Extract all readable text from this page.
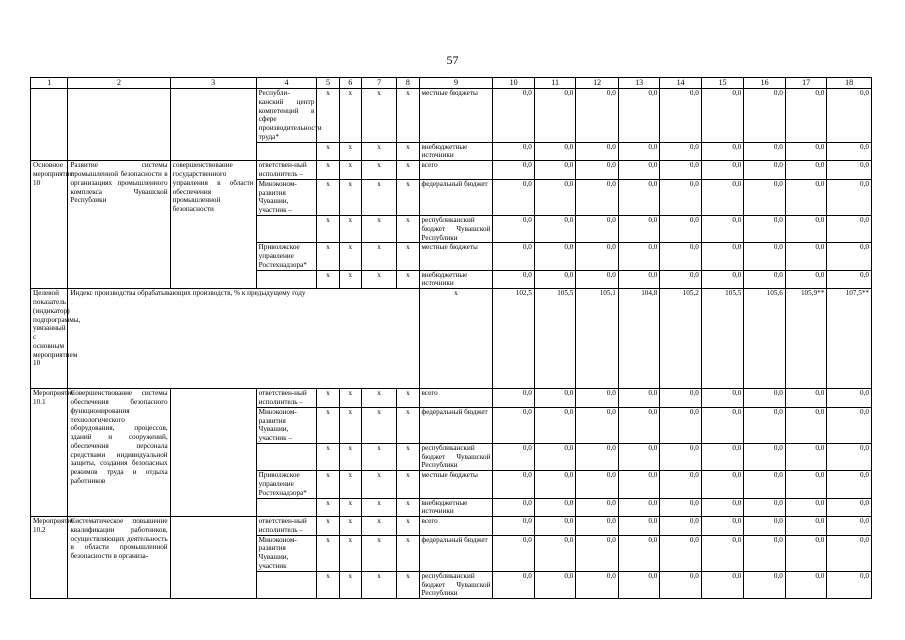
57
1	2	3	4	5	6	7	8	9	10	11	12	13	14	15	16	17	18
			Республи-канский центр компетенций в сфере производительности труда*	x	x	x	x	местные бюджеты	0,0	0,0	0,0	0,0	0,0	0,0	0,0	0,0	0,0
				x	x	x	x	внебюджетные источники	0,0	0,0	0,0	0,0	0,0	0,0	0,0	0,0	0,0
Основное мероприятие 10	Развитие системы промышленной безопасности в организациях промышленного комплекса Чувашской Республики	совершенствование государственного управления в области обеспечения промышленной безопасности	ответствен-ный исполнитель –	x	x	x	x	всего	0,0	0,0	0,0	0,0	0,0	0,0	0,0	0,0	0,0
			Минэконом-развития Чувашии, участник –	x	x	x	x	федеральный бюджет	0,0	0,0	0,0	0,0	0,0	0,0	0,0	0,0	0,0
				x	x	x	x	республиканский бюджет Чувашской Республики	0,0	0,0	0,0	0,0	0,0	0,0	0,0	0,0	0,0
			Приволжское управление Ростехнадзора*	x	x	x	x	местные бюджеты	0,0	0,0	0,0	0,0	0,0	0,0	0,0	0,0	0,0
				x	x	x	x	внебюджетные источники	0,0	0,0	0,0	0,0	0,0	0,0	0,0	0,0	0,0
Целевой показатель (индикатор) подпрограммы, увязанный с основным мероприятием 10	Индекс производства обрабатывающих производств, % к предыдущему году							x	102,5	105,5	105,1	104,8	105,2	105,5	105,6	105,9**	107,5**
Мероприятие 10.1	Совершенствование системы обеспечения безопасного функционирования технологического оборудования, процессов, зданий и сооружений, обеспечения персонала средствами индивидуальной защиты, создания безопасных режимов труда и отдыха работников		ответствен-ный исполнитель –	x	x	x	x	всего	0,0	0,0	0,0	0,0	0,0	0,0	0,0	0,0	0,0
			Минэконом-развития Чувашии, участник –	x	x	x	x	федеральный бюджет	0,0	0,0	0,0	0,0	0,0	0,0	0,0	0,0	0,0
				x	x	x	x	республиканский бюджет Чувашской Республики	0,0	0,0	0,0	0,0	0,0	0,0	0,0	0,0	0,0
			Приволжское управление Ростехнадзора*	x	x	x	x	местные бюджеты	0,0	0,0	0,0	0,0	0,0	0,0	0,0	0,0	0,0
				x	x	x	x	внебюджетные источники	0,0	0,0	0,0	0,0	0,0	0,0	0,0	0,0	0,0
Мероприятие 10.2	Систематическое повышение квалификации работников, осуществляющих деятельность в области промышленной безопасности в организа-		ответствен-ный исполнитель –	x	x	x	x	всего	0,0	0,0	0,0	0,0	0,0	0,0	0,0	0,0	0,0
			Минэконом-развития Чувашии, участник	x	x	x	x	федеральный бюджет	0,0	0,0	0,0	0,0	0,0	0,0	0,0	0,0	0,0
				x	x	x	x	республиканский бюджет Чувашской Республики	0,0	0,0	0,0	0,0	0,0	0,0	0,0	0,0	0,0
